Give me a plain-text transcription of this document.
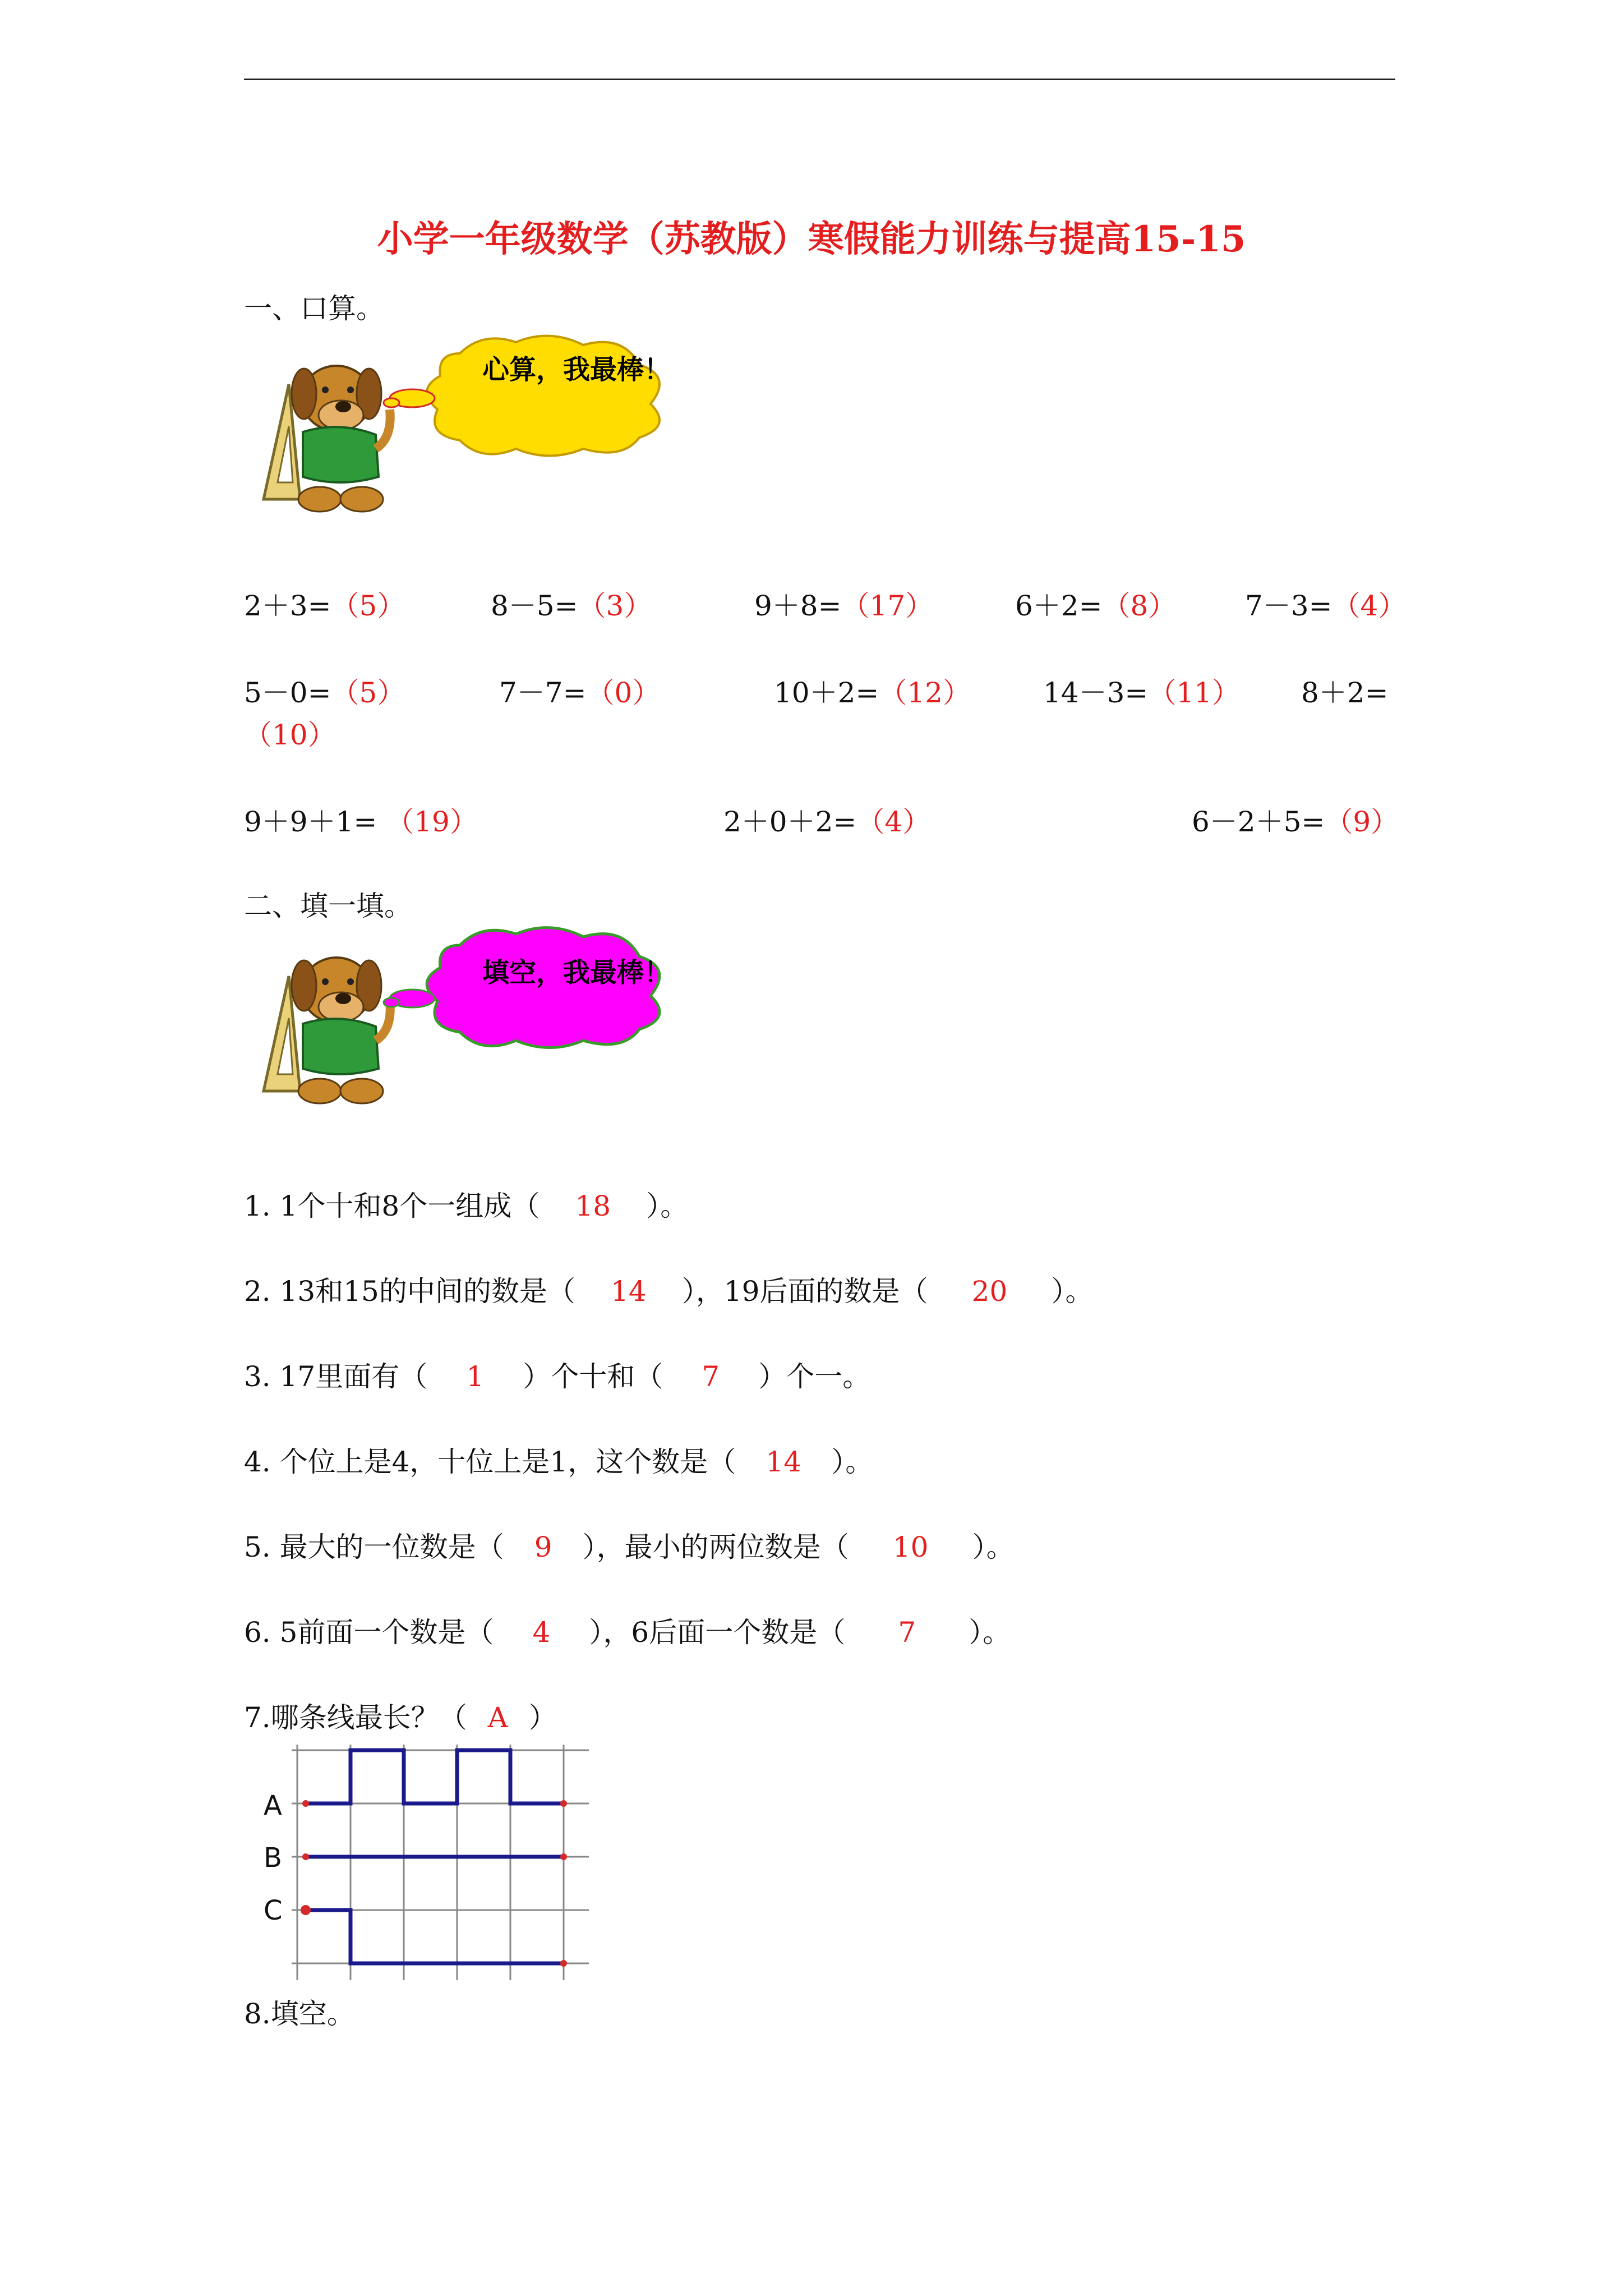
小学一年级数学（苏教版）寒假能力训练与提高15-15
一、口算。
心算，我最棒！
2＋3=（5）	8－5=（3）	9＋8=（17）	6＋2=（8） 7－3=（4）
5－0=（5）	7－7=（0）	10＋2=（12）	14－3=（11） 8＋2=
（10）
9＋9＋1= （19）	2＋0＋2=（4）	6－2＋5=（9）
二、填一填。
填空，我最棒！
1. 1个十和8个一组成（ 18 ）。
2. 13和15的中间的数是（ 14 ），19后面的数是（ 20 ）。
3. 17里面有（ 1 ）个十和（ 7 ）个一。
4. 个位上是4，十位上是1，这个数是（ 14 ）。
5. 最大的一位数是（ 9 ），最小的两位数是（ 10 ）。
6. 5前面一个数是（ 4 ），6后面一个数是（ 7 ）。
7.哪条线最长？（ A ）
A
B
C
8.填空。
